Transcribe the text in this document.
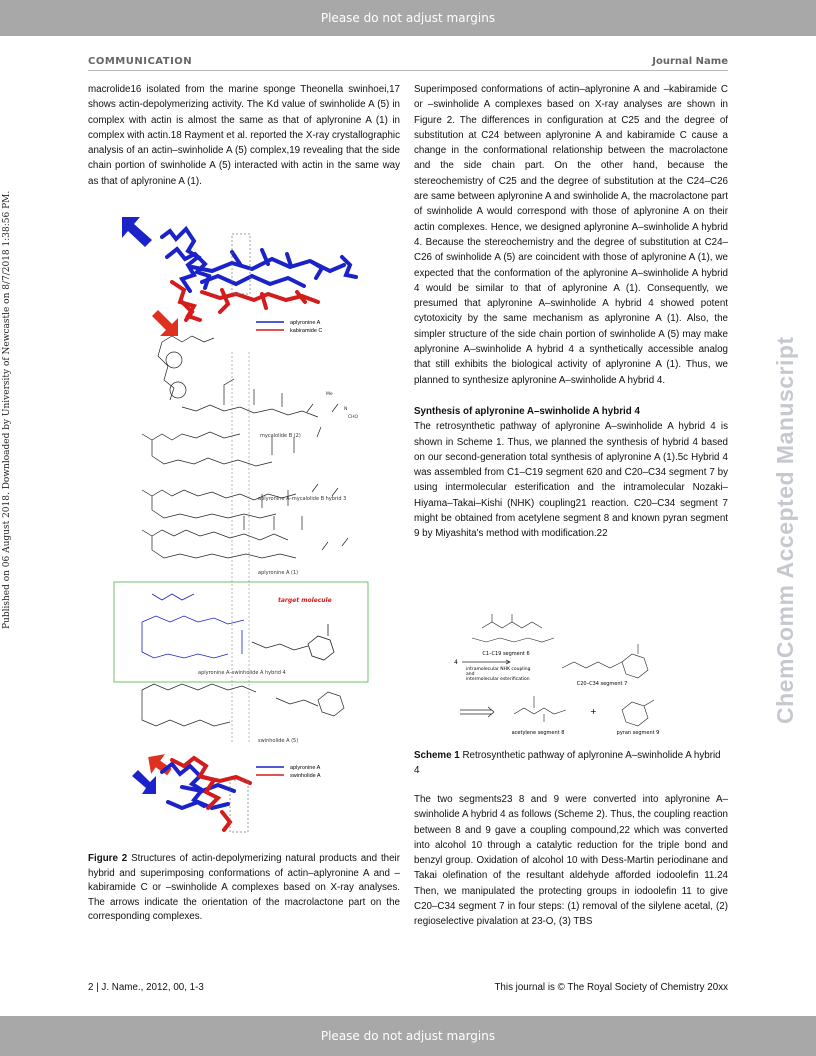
Please do not adjust margins
Published on 06 August 2018. Downloaded by University of Newcastle on 8/7/2018 1:38:56 PM.	ChemComm Accepted Manuscript
COMMUNICATION	Journal Name

macrolide16 isolated from the marine sponge Theonella swinhoei,17 shows actin-depolymerizing activity. The Kd value of swinholide A (5) in complex with actin is almost the same as that of aplyronine A (1) in complex with actin.18 Rayment et al. reported the X-ray crystallographic analysis of an actin–swinholide A (5) complex,19 revealing that the side chain portion of swinholide A (5) interacted with actin in the same way as that of aplyronine A (1).

aplyronine A
kabiramide C
Me
N
CHO
mycalolide B (2)
aplyronine A–mycalolide B hybrid 3
aplyronine A (1)
target molecule
aplyronine A–swinholide A hybrid 4
swinholide A (5)
aplyronine A
swinholide A
Figure 2 Structures of actin-depolymerizing natural products and their hybrid and superimposing conformations of actin–aplyronine A and –kabiramide C or –swinholide A complexes based on X-ray analyses. The arrows indicate the orientation of the macrolactone part on the corresponding complexes.

Superimposed conformations of actin–aplyronine A and –kabiramide C or –swinholide A complexes based on X-ray analyses are shown in Figure 2. The differences in configuration at C25 and the degree of substitution at C24 between aplyronine A and kabiramide C cause a change in the conformational relationship between the macrolactone and the side chain part. On the other hand, because the stereochemistry of C25 and the degree of substitution at the C24–C26 are same between aplyronine A and swinholide A, the macrolactone part of swinholide A would correspond with those of aplyronine A on their actin complexes. Hence, we designed aplyronine A–swinholide A hybrid 4. Because the stereochemistry and the degree of substitution at C24–C26 of swinholide A (5) are coincident with those of aplyronine A (1), we expected that the conformation of the aplyronine A–swinholide A hybrid 4 would be similar to that of aplyronine A (1). Consequently, we presumed that aplyronine A–swinholide A hybrid 4 showed potent cytotoxicity by the same mechanism as aplyronine A (1). Also, the simpler structure of the side chain portion of swinholide A (5) may make aplyronine A–swinholide A hybrid 4 a synthetically accessible analog that still exhibits the biological activity of aplyronine A (1). Thus, we planned to synthesize aplyronine A–swinholide A hybrid 4.

Synthesis of aplyronine A–swinholide A hybrid 4

The retrosynthetic pathway of aplyronine A–swinholide A hybrid 4 is shown in Scheme 1. Thus, we planned the synthesis of hybrid 4 based on our second-generation total synthesis of aplyronine A (1).5c Hybrid 4 was assembled from C1–C19 segment 620 and C20–C34 segment 7 by using intermolecular esterification and the intramolecular Nozaki–Hiyama–Takai–Kishi (NHK) coupling21 reaction. C20–C34 segment 7 might be obtained from acetylene segment 8 and known pyran segment 9 by Miyashita's method with modification.22

C1–C19 segment 6
4
intramolecular NHK coupling
and
intermolecular esterification
C20–C34 segment 7
acetylene segment 8
+
pyran segment 9
Scheme 1 Retrosynthetic pathway of aplyronine A–swinholide A hybrid 4

The two segments23 8 and 9 were converted into aplyronine A–swinholide A hybrid 4 as follows (Scheme 2). Thus, the coupling reaction between 8 and 9 gave a coupling compound,22 which was converted into alcohol 10 through a catalytic reduction for the triple bond and benzyl group. Oxidation of alcohol 10 with Dess-Martin periodinane and Takai olefination of the resultant aldehyde afforded iodoolefin 11.24 Then, we manipulated the protecting groups in iodoolefin 11 to give C20–C34 segment 7 in four steps: (1) removal of the silylene acetal, (2) regioselective pivalation at 23-O, (3) TBS

2 | J. Name., 2012, 00, 1-3	This journal is © The Royal Society of Chemistry 20xx
Please do not adjust margins
